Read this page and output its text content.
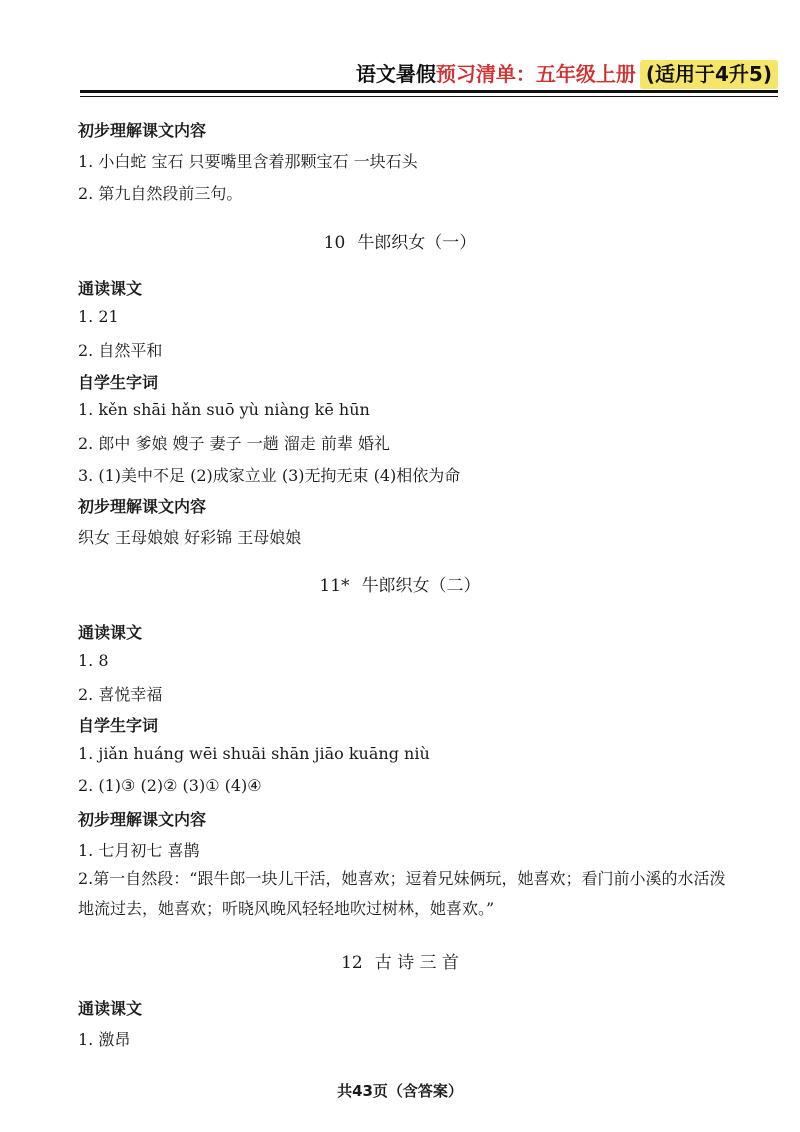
语文暑假预习清单：五年级上册 (适用于4升5)
初步理解课文内容
1. 小白蛇 宝石 只要嘴里含着那颗宝石 一块石头
2. 第九自然段前三句。
10 牛郎织女（一）
通读课文
1. 21
2. 自然平和
自学生字词
1. kěn shāi hǎn suō yù niàng kē hūn
2. 郎中 爹娘 嫂子 妻子 一趟 溜走 前辈 婚礼
3. (1)美中不足 (2)成家立业 (3)无拘无束 (4)相依为命
初步理解课文内容
织女 王母娘娘 好彩锦 王母娘娘
11* 牛郎织女（二）
通读课文
1. 8
2. 喜悦幸福
自学生字词
1. jiǎn huáng wēi shuāi shān jiāo kuāng niù
2. (1)③ (2)② (3)① (4)④
初步理解课文内容
1. 七月初七 喜鹊
2.第一自然段：“跟牛郎一块儿干活，她喜欢；逗着兄妹俩玩，她喜欢；看门前小溪的水活泼地流过去，她喜欢；听晓风晚风轻轻地吹过树林，她喜欢。”
12 古 诗 三 首
通读课文
1. 激昂
共43页（含答案）
